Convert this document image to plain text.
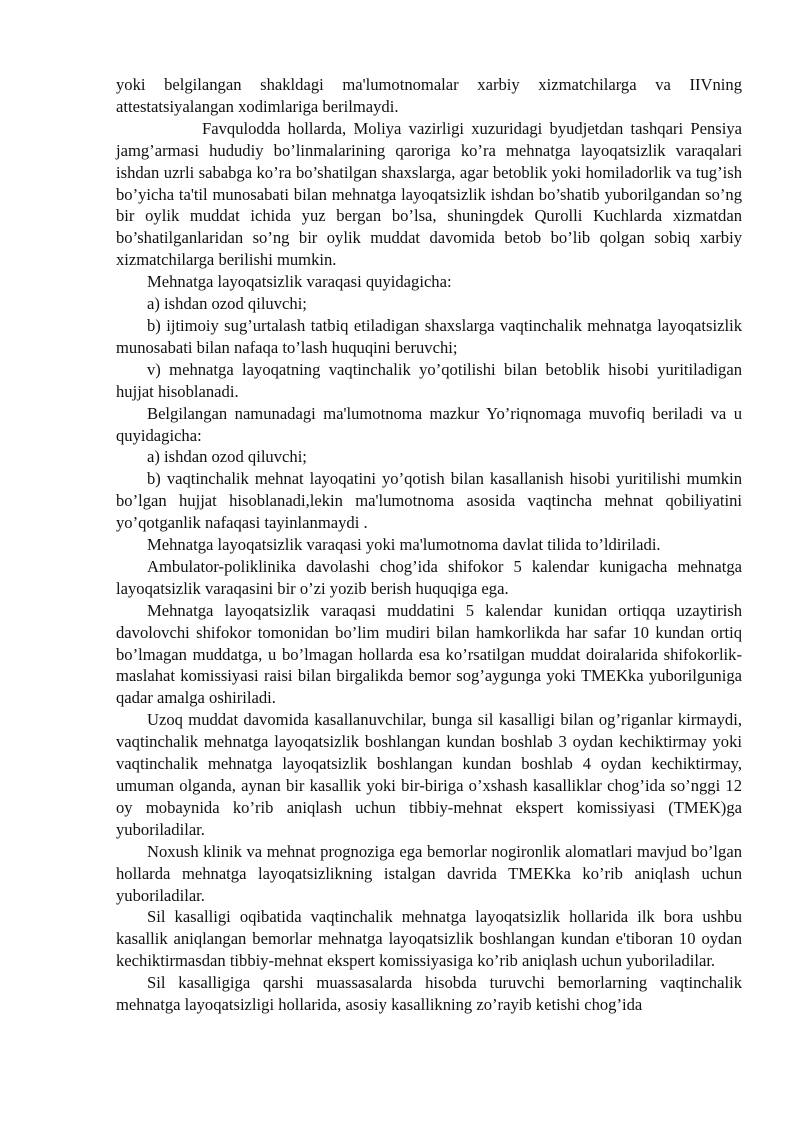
yoki belgilangan shakldagi ma'lumotnomalar xarbiy xizmatchilarga va IIVning attestatsiyalangan xodimlariga berilmaydi.

Favqulodda hollarda, Moliya vazirligi xuzuridagi byudjetdan tashqari Pensiya jamg’armasi hududiy bo’linmalarining qaroriga ko’ra mehnatga layoqatsizlik varaqalari ishdan uzrli sababga ko’ra bo’shatilgan shaxslarga, agar betoblik yoki homiladorlik va tug’ish bo’yicha ta'til munosabati bilan mehnatga layoqatsizlik ishdan bo’shatib yuborilgandan so’ng bir oylik muddat ichida yuz bergan bo’lsa, shuningdek Qurolli Kuchlarda xizmatdan bo’shatilganlaridan so’ng bir oylik muddat davomida betob bo’lib qolgan sobiq xarbiy xizmatchilarga berilishi mumkin.

Mehnatga layoqatsizlik varaqasi quyidagicha:

a) ishdan ozod qiluvchi;

b) ijtimoiy sug’urtalash tatbiq etiladigan shaxslarga vaqtinchalik mehnatga layoqatsizlik munosabati bilan nafaqa to’lash huquqini beruvchi;

v) mehnatga layoqatning vaqtinchalik yo’qotilishi bilan betoblik hisobi yuritiladigan hujjat hisoblanadi.

Belgilangan namunadagi ma'lumotnoma mazkur Yo’riqnomaga muvofiq beriladi va u quyidagicha:

a) ishdan ozod qiluvchi;

b) vaqtinchalik mehnat layoqatini yo’qotish bilan kasallanish hisobi yuritilishi mumkin bo’lgan hujjat hisoblanadi,lekin ma'lumotnoma asosida vaqtincha mehnat qobiliyatini yo’qotganlik nafaqasi tayinlanmaydi .

Mehnatga layoqatsizlik varaqasi yoki ma'lumotnoma davlat tilida to’ldiriladi.

Ambulator-poliklinika davolashi chog’ida shifokor 5 kalendar kunigacha mehnatga layoqatsizlik varaqasini bir o’zi yozib berish huquqiga ega.

Mehnatga layoqatsizlik varaqasi muddatini 5 kalendar kunidan ortiqqa uzaytirish davolovchi shifokor tomonidan bo’lim mudiri bilan hamkorlikda har safar 10 kundan ortiq bo’lmagan muddatga, u bo’lmagan hollarda esa ko’rsatilgan muddat doiralarida shifokorlik-maslahat komissiyasi raisi bilan birgalikda bemor sog’aygunga yoki TMEKka yuborilguniga qadar amalga oshiriladi.

Uzoq muddat davomida kasallanuvchilar, bunga sil kasalligi bilan og’riganlar kirmaydi, vaqtinchalik mehnatga layoqatsizlik boshlangan kundan boshlab 3 oydan kechiktirmay yoki vaqtinchalik mehnatga layoqatsizlik boshlangan kundan boshlab 4 oydan kechiktirmay, umuman olganda, aynan bir kasallik yoki bir-biriga o’xshash kasalliklar chog’ida so’nggi 12 oy mobaynida ko’rib aniqlash uchun tibbiy-mehnat ekspert komissiyasi (TMEK)ga yuboriladilar.

Noxush klinik va mehnat prognoziga ega bemorlar nogironlik alomatlari mavjud bo’lgan hollarda mehnatga layoqatsizlikning istalgan davrida TMEKka ko’rib aniqlash uchun yuboriladilar.

Sil kasalligi oqibatida vaqtinchalik mehnatga layoqatsizlik hollarida ilk bora ushbu kasallik aniqlangan bemorlar mehnatga layoqatsizlik boshlangan kundan e'tiboran 10 oydan kechiktirmasdan tibbiy-mehnat ekspert komissiyasiga ko’rib aniqlash uchun yuboriladilar.

Sil kasalligiga qarshi muassasalarda hisobda turuvchi bemorlarning vaqtinchalik mehnatga layoqatsizligi hollarida, asosiy kasallikning zo’rayib ketishi chog’ida
